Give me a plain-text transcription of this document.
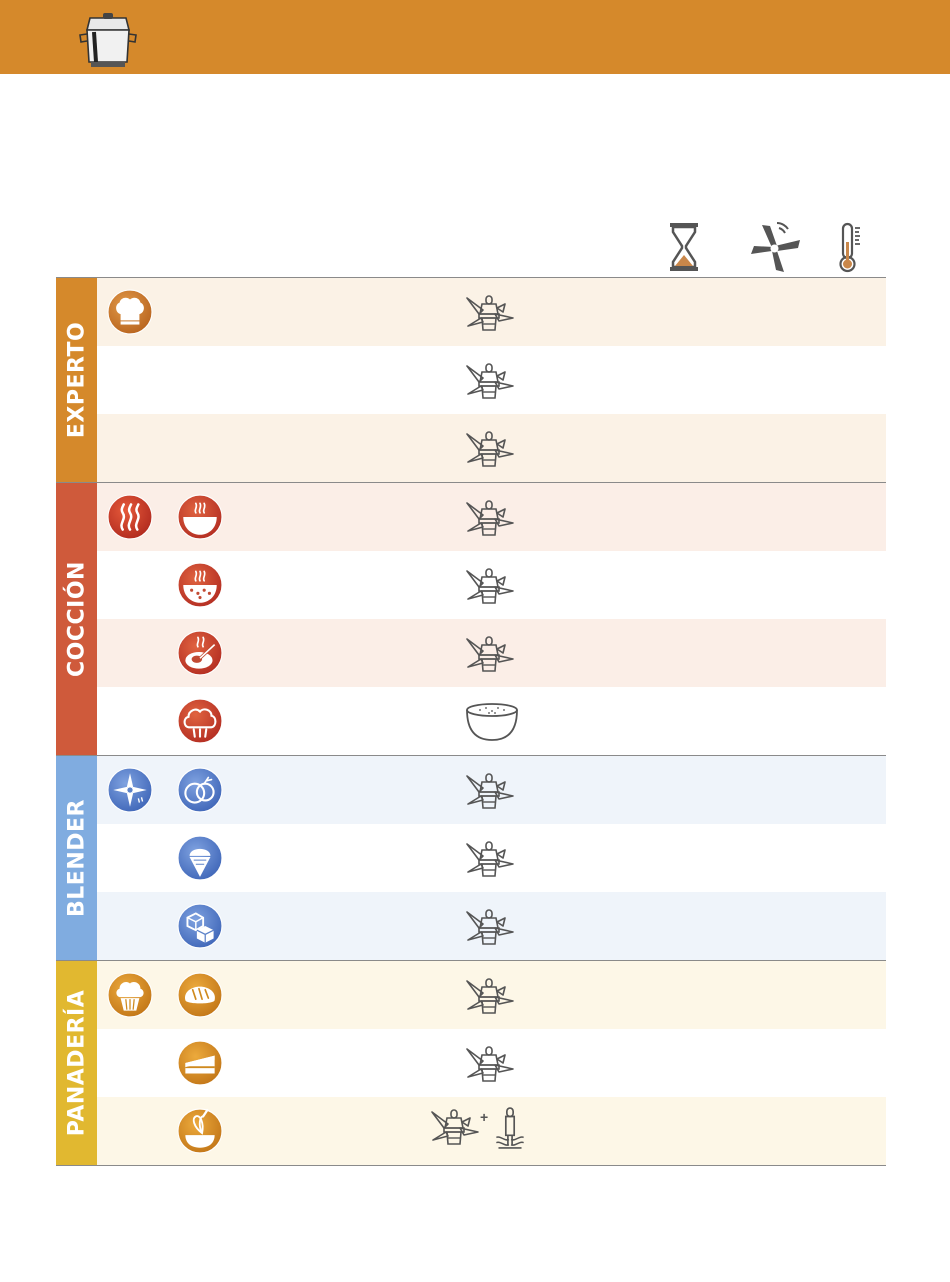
EXPERTO
COCCIÓN
BLENDER
PANADERÍA	+
